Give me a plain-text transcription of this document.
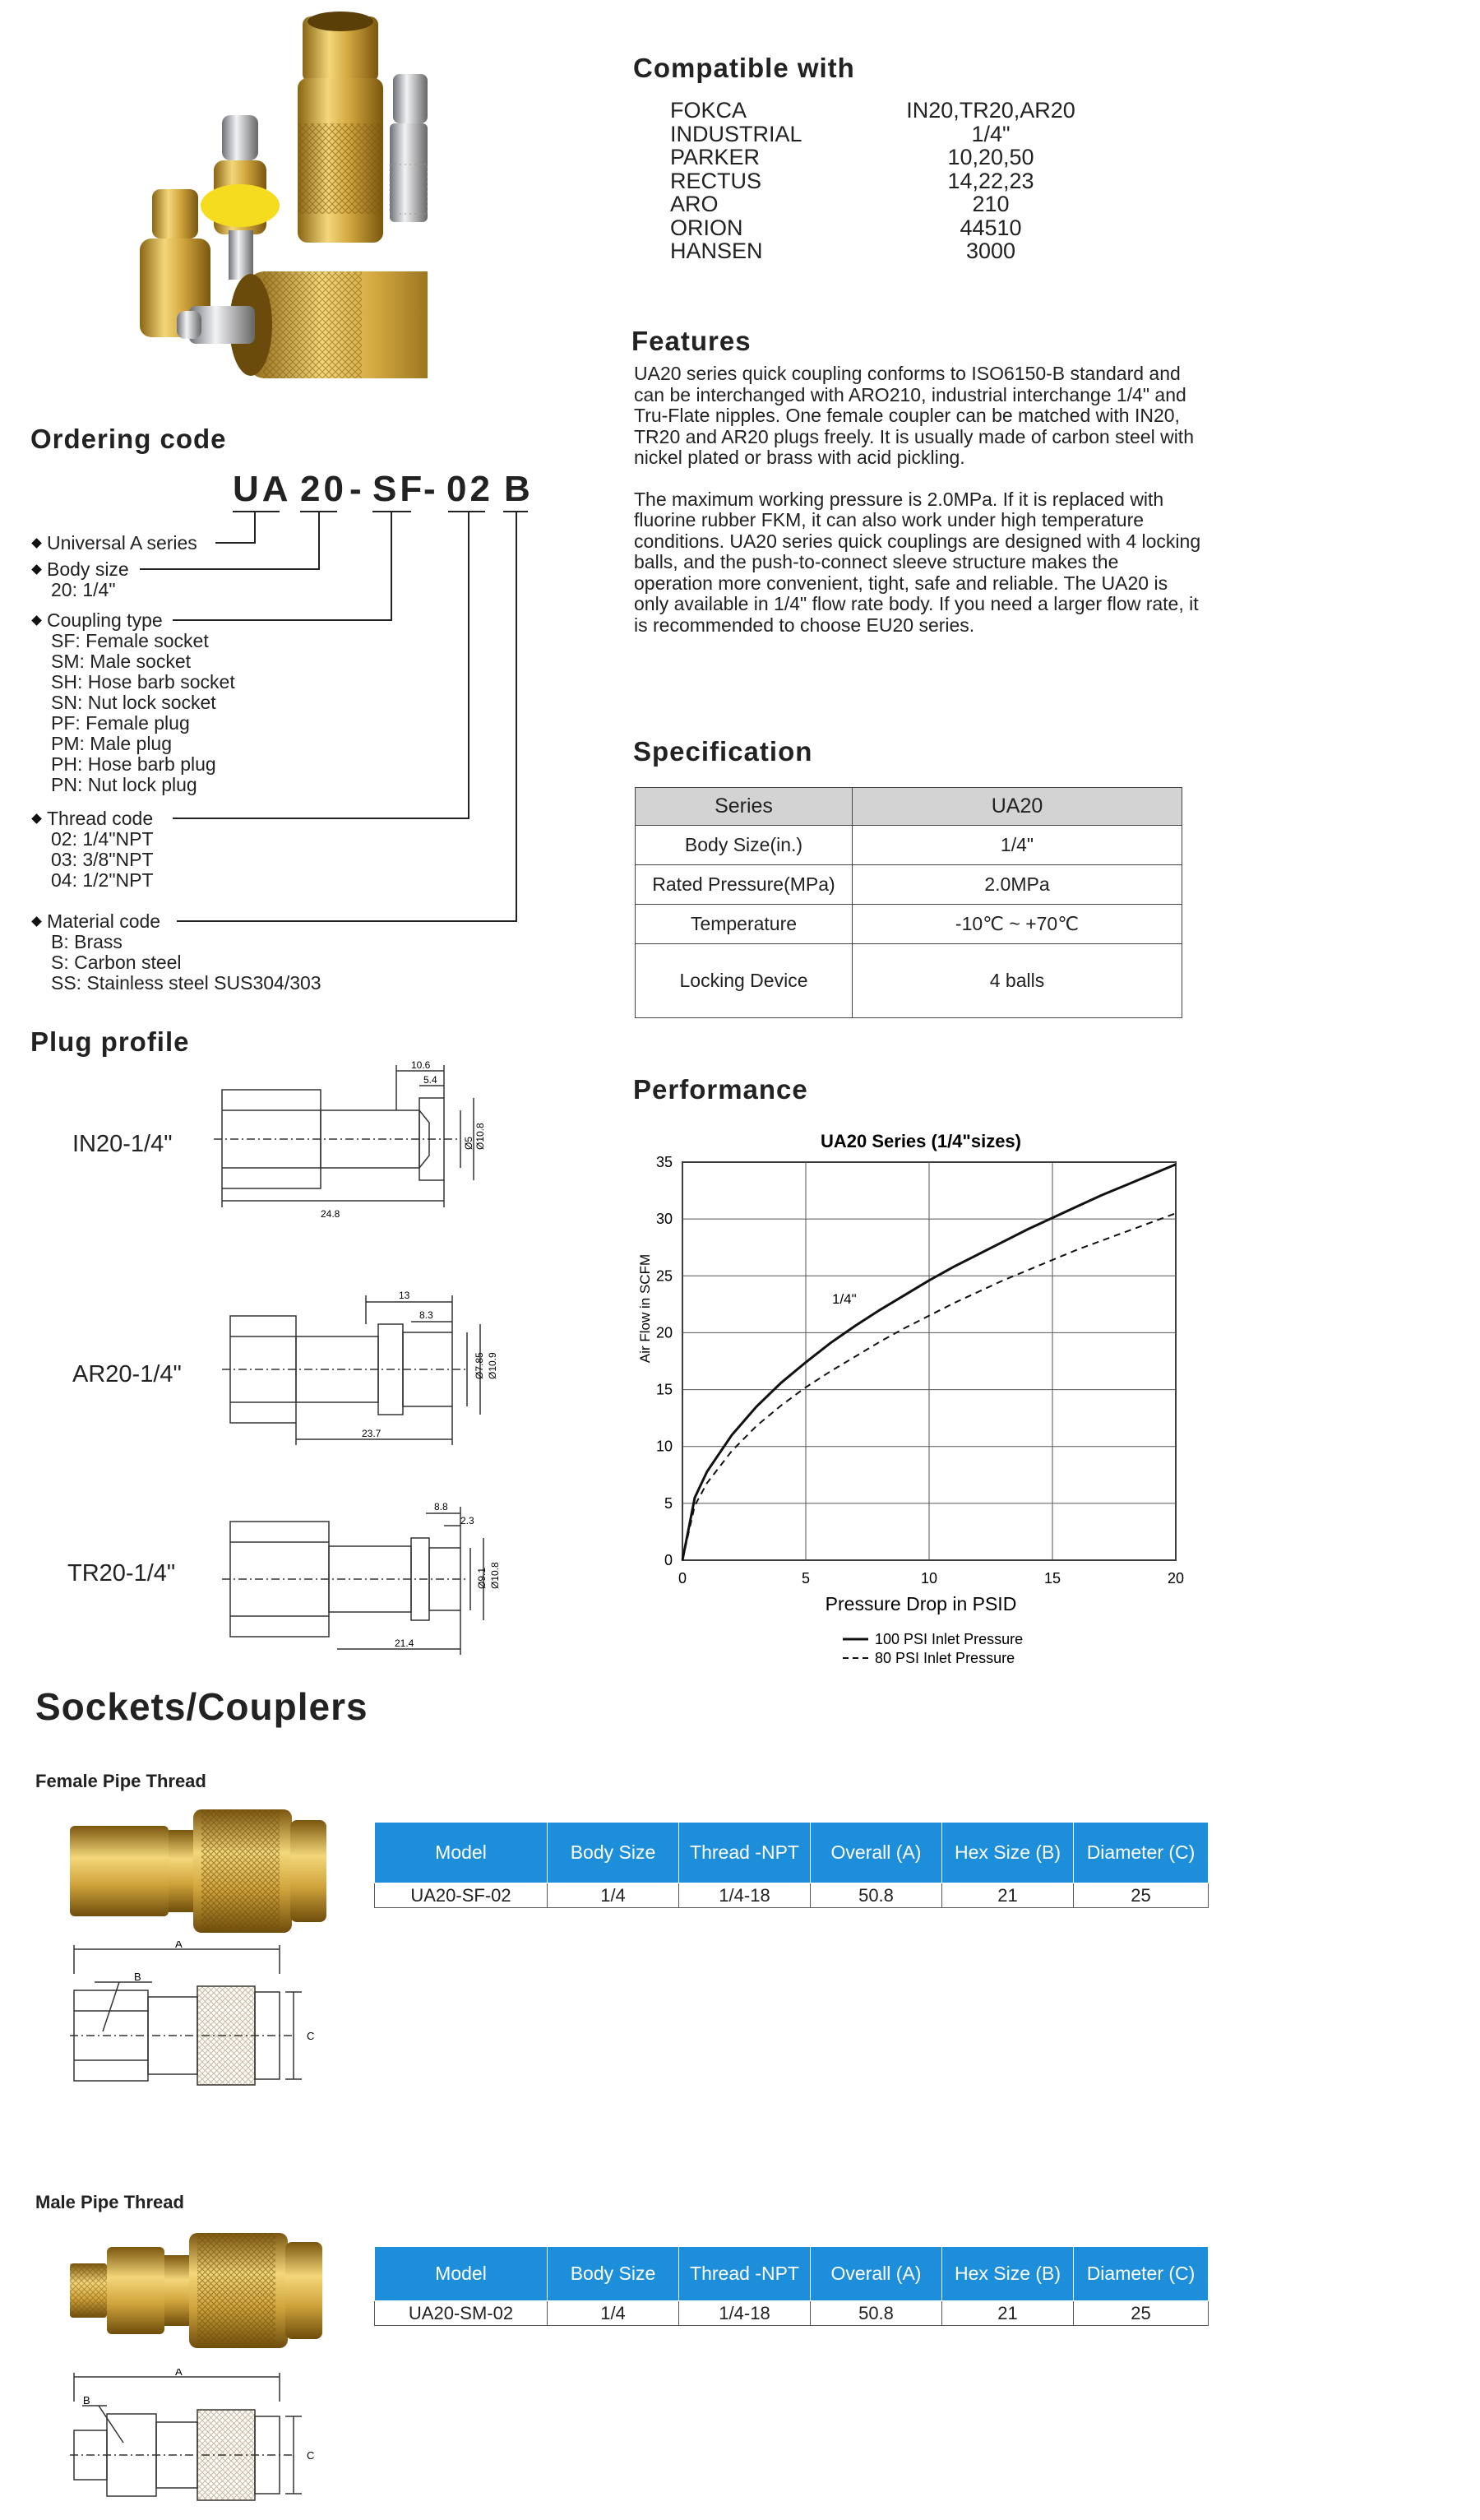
Ordering code
UA 20 - SF
- 02 B
Universal A series
Body size
20: 1/4"
Coupling type
SF: Female socket
SM: Male socket
SH: Hose barb socket
SN: Nut lock socket
PF: Female plug
PM: Male plug
PH: Hose barb plug
PN: Nut lock plug
Thread code
02: 1/4"NPT
03: 3/8"NPT
04: 1/2"NPT
Material code
B: Brass
S: Carbon steel
SS: Stainless steel SUS304/303
Plug profile
IN20-1/4"
10.6
5.4
Ø5 Ø10.8
24.8
AR20-1/4"
13
8.3
Ø7.85 Ø10.9
23.7
TR20-1/4"
8.8
2.3
Ø9.1 Ø10.8
21.4
Compatible with
FOKCA	IN20,TR20,AR20
INDUSTRIAL	1/4"
PARKER	10,20,50
RECTUS	14,22,23
ARO	210
ORION	44510
HANSEN	3000
Features

UA20 series quick coupling conforms to ISO6150-B standard and can be interchanged with ARO210, industrial interchange 1/4" and Tru-Flate nipples. One female coupler can be matched with IN20, TR20 and AR20 plugs freely. It is usually made of carbon steel with nickel plated or brass with acid pickling.

The maximum working pressure is 2.0MPa. If it is replaced with fluorine rubber FKM, it can also work under high temperature conditions. UA20 series quick couplings are designed with 4 locking balls, and the push-to-connect sleeve structure makes the operation more convenient, tight, safe and reliable. The UA20 is only available in 1/4" flow rate body. If you need a larger flow rate, it is recommended to choose EU20 series.

Specification
Series	UA20
Body Size(in.)	1/4"
Rated Pressure(MPa)	2.0MPa
Temperature	-10℃ ~ +70℃
Locking Device	4 balls
Performance
UA20 Series (1/4"sizes)
0
5
10
15
20
25
30
35
0	5	10	15	20
Air Flow in SCFM
Pressure Drop in PSID
1/4"
100 PSI Inlet Pressure
80 PSI Inlet Pressure
Sockets/Couplers
Female Pipe Thread
A
B
C
Model	Body Size	Thread -NPT	Overall (A)	Hex Size (B)	Diameter (C)
UA20-SF-02	1/4	1/4-18	50.8	21	25
Male Pipe Thread
A
B
C
Model	Body Size	Thread -NPT	Overall (A)	Hex Size (B)	Diameter (C)
UA20-SM-02	1/4	1/4-18	50.8	21	25
